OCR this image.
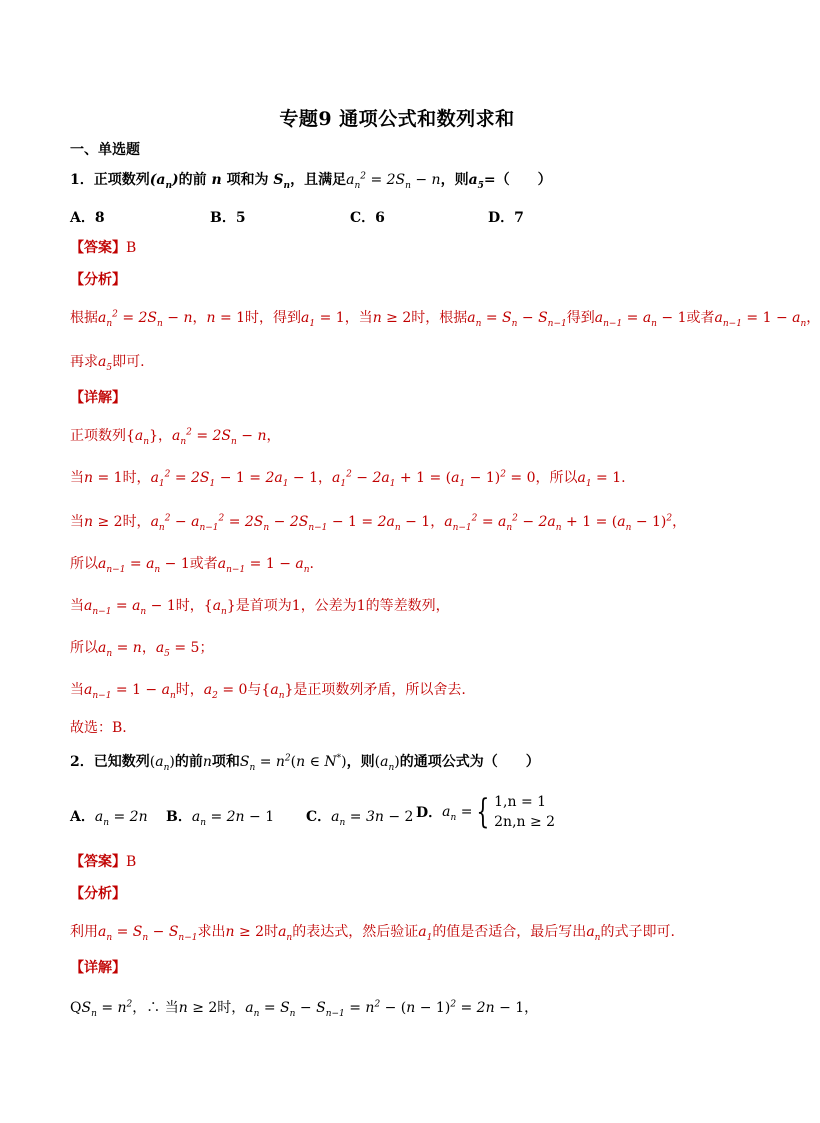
专题9 通项公式和数列求和
一、单选题
1．正项数列$(a_n)$的前 n 项和为 $S_n$，且满足$a_n^2 = 2S_n - n$，则$a_5=$（　　）
A．8	B．5	C．6	D．7
【答案】B
【分析】
根据$a_n^2 = 2S_n - n$，n = 1时，得到$a_1 = 1$，当n ≥ 2时，根据$a_n = S_n - S_{n-1}$得到$a_{n-1} = a_n - 1$或者$a_{n-1} = 1 - a_n$，
再求$a_5$即可.
【详解】
正项数列$\{a_n\}$，$a_n^2 = 2S_n - n$，
当n = 1时，$a_1^2 = 2S_1 - 1 = 2a_1 - 1$，$a_1^2 - 2a_1 + 1 = (a_1 - 1)^2 = 0$，所以$a_1 = 1$.
当n ≥ 2时，$a_n^2 - a_{n-1}^2 = 2S_n - 2S_{n-1} - 1 = 2a_n - 1$，$a_{n-1}^2 = a_n^2 - 2a_n + 1 = (a_n - 1)^2$，
所以$a_{n-1} = a_n - 1$或者$a_{n-1} = 1 - a_n$.
当$a_{n-1} = a_n - 1$时，$\{a_n\}$是首项为1，公差为1的等差数列，
所以$a_n = n$，$a_5 = 5$；
当$a_{n-1} = 1 - a_n$时，$a_2 = 0$与$\{a_n\}$是正项数列矛盾，所以舍去.
故选：B.
2．已知数列$(a_n)$的前n项和$S_n = n^2(n$ ∈ N*)，则$(a_n)$的通项公式为（　　）
A．$a_n = 2n$ B．$a_n = 2n - 1$ C．$a_n = 3n - 2$ D．$a_n$ = { 1,n = 1
2n,n ≥ 2
【答案】B
【分析】
利用$a_n = S_n - S_{n-1}$求出n ≥ 2时$a_n$的表达式，然后验证$a_1$的值是否适合，最后写出$a_n$的式子即可.
【详解】
$QS_n = n^2$，∴ 当n ≥ 2时，$a_n = S_n - S_{n-1} = n^2 - (n - 1)^2 = 2n - 1$，
